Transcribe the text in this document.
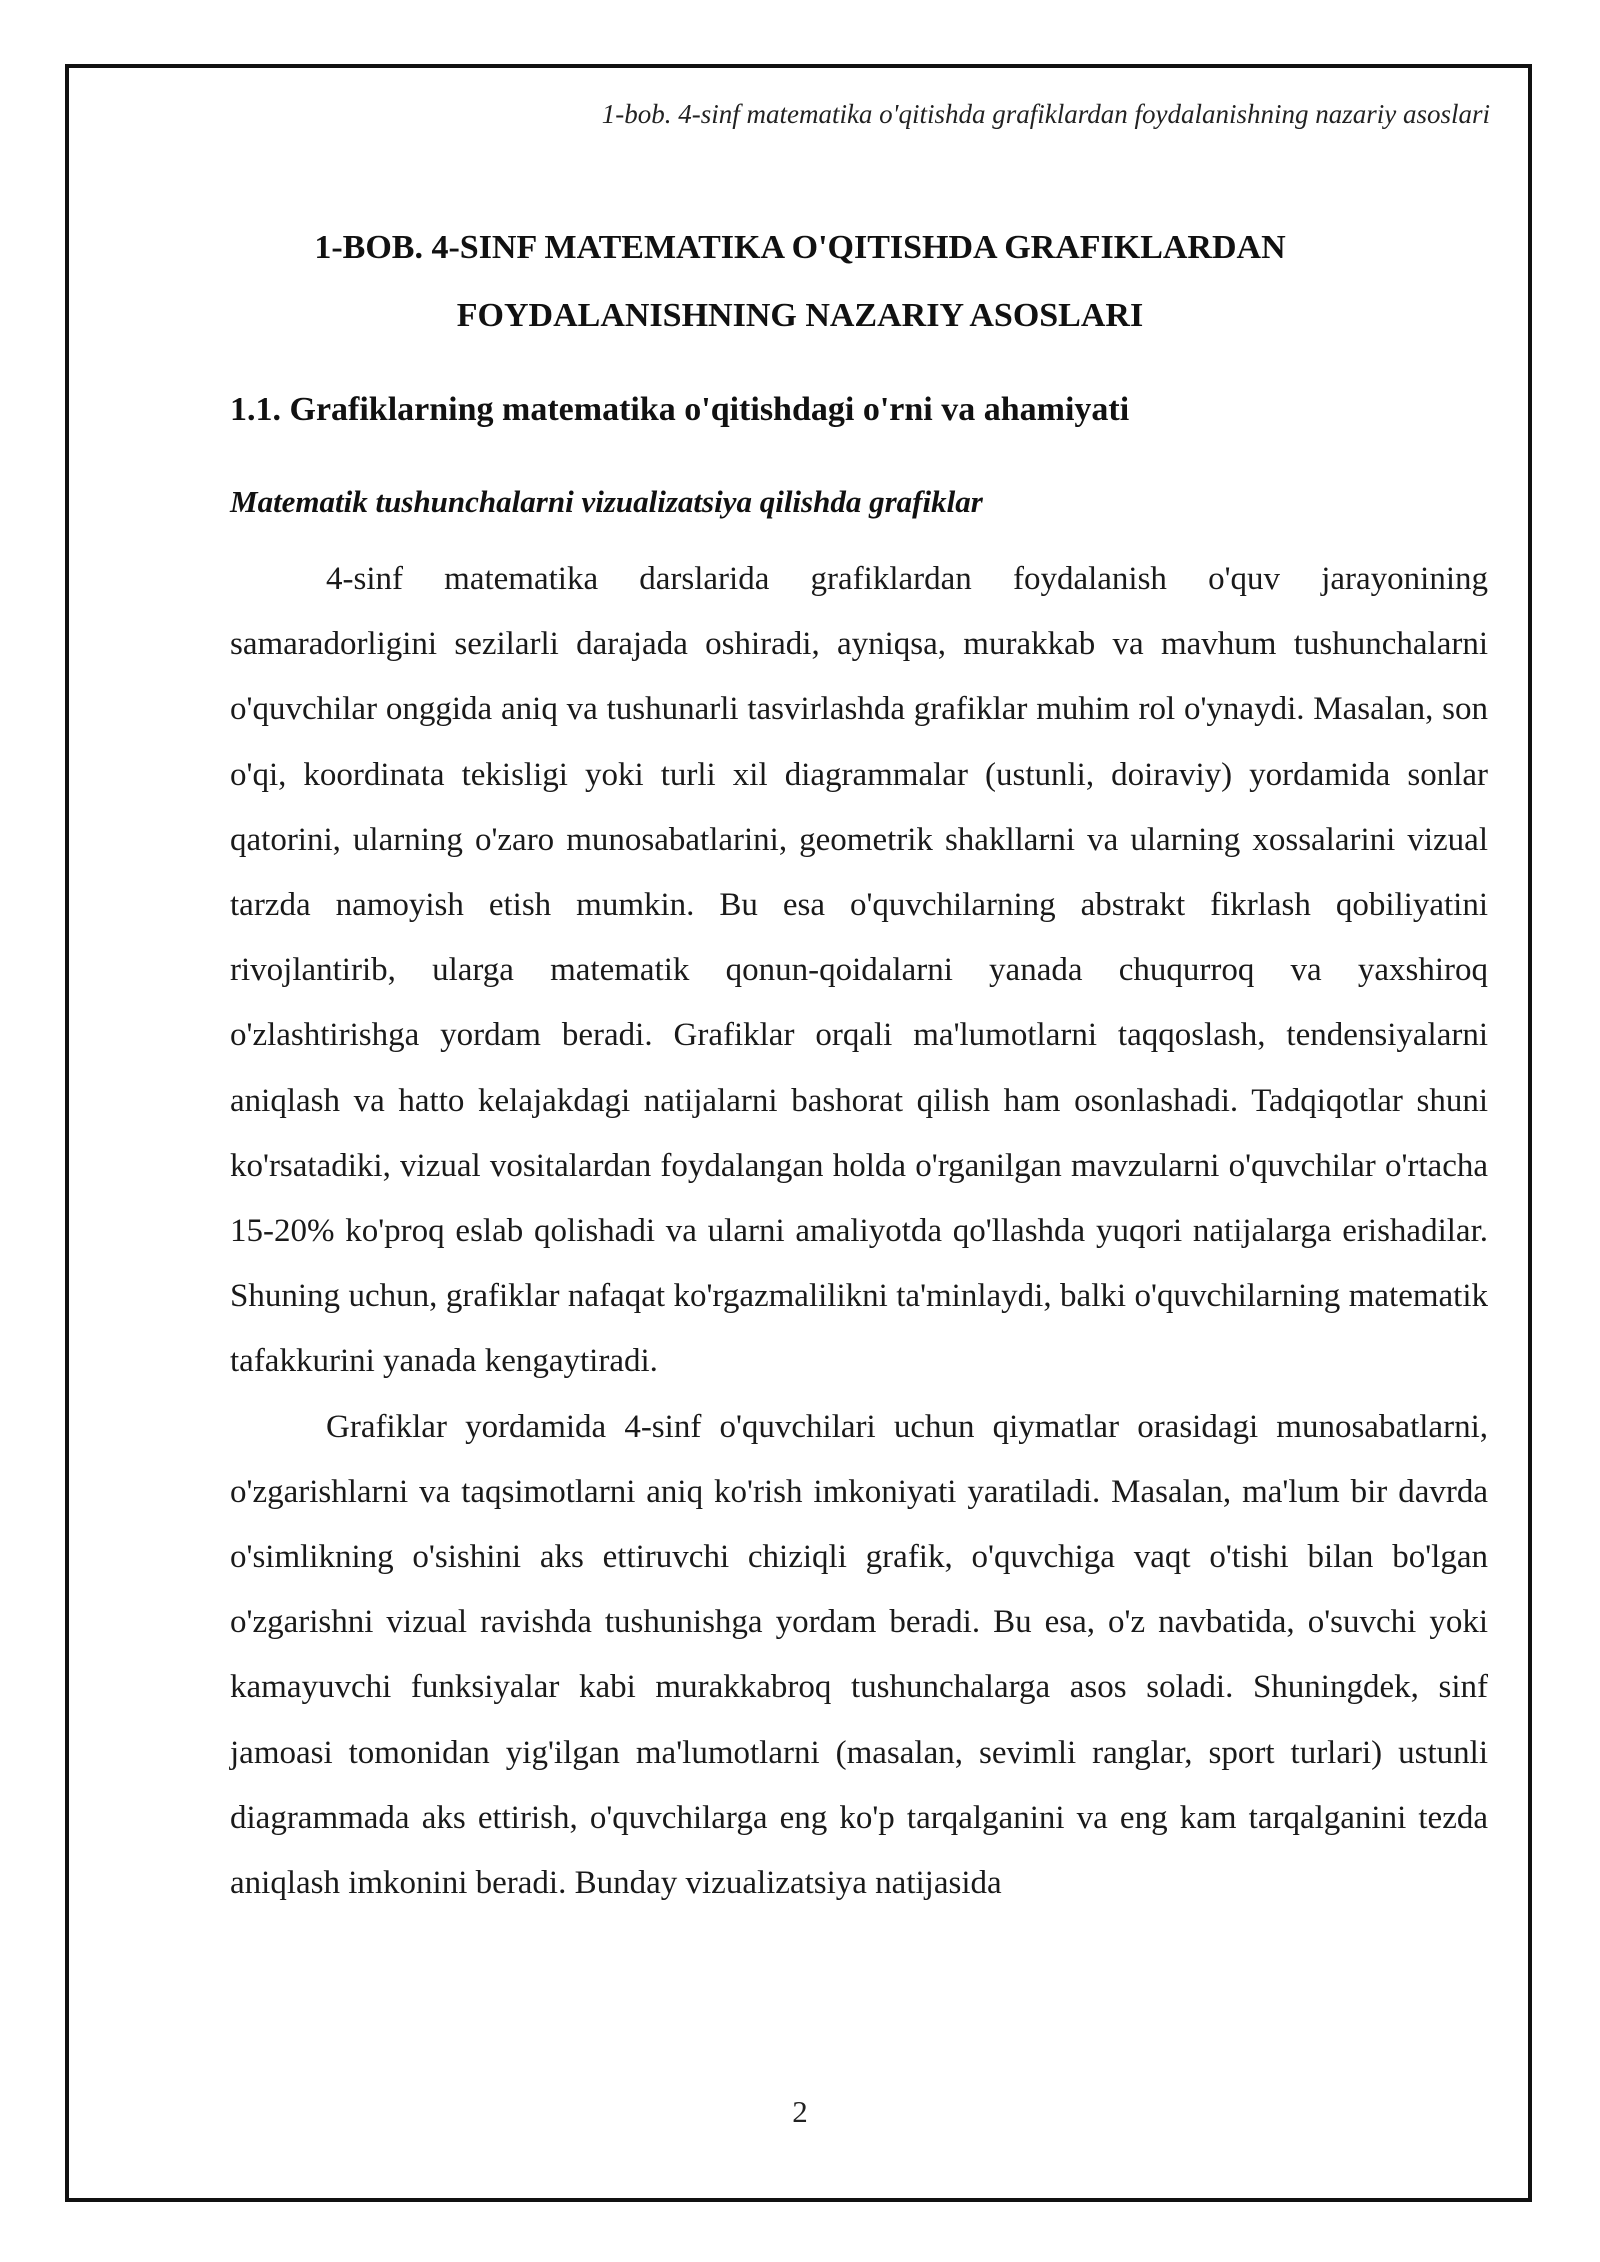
1-bob. 4-sinf matematika o'qitishda grafiklardan foydalanishning nazariy asoslari
1-BOB. 4-SINF MATEMATIKA O'QITISHDA GRAFIKLARDAN FOYDALANISHNING NAZARIY ASOSLARI
1.1. Grafiklarning matematika o'qitishdagi o'rni va ahamiyati
Matematik tushunchalarni vizualizatsiya qilishda grafiklar

4-sinf matematika darslarida grafiklardan foydalanish o'quv jarayonining samaradorligini sezilarli darajada oshiradi, ayniqsa, murakkab va mavhum tushunchalarni o'quvchilar onggida aniq va tushunarli tasvirlashda grafiklar muhim rol o'ynaydi. Masalan, son o'qi, koordinata tekisligi yoki turli xil diagrammalar (ustunli, doiraviy) yordamida sonlar qatorini, ularning o'zaro munosabatlarini, geometrik shakllarni va ularning xossalarini vizual tarzda namoyish etish mumkin. Bu esa o'quvchilarning abstrakt fikrlash qobiliyatini rivojlantirib, ularga matematik qonun-qoidalarni yanada chuqurroq va yaxshiroq o'zlashtirishga yordam beradi. Grafiklar orqali ma'lumotlarni taqqoslash, tendensiyalarni aniqlash va hatto kelajakdagi natijalarni bashorat qilish ham osonlashadi. Tadqiqotlar shuni ko'rsatadiki, vizual vositalardan foydalangan holda o'rganilgan mavzularni o'quvchilar o'rtacha 15-20% ko'proq eslab qolishadi va ularni amaliyotda qo'llashda yuqori natijalarga erishadilar. Shuning uchun, grafiklar nafaqat ko'rgazmalilikni ta'minlaydi, balki o'quvchilarning matematik tafakkurini yanada kengaytiradi.

Grafiklar yordamida 4-sinf o'quvchilari uchun qiymatlar orasidagi munosabatlarni, o'zgarishlarni va taqsimotlarni aniq ko'rish imkoniyati yaratiladi. Masalan, ma'lum bir davrda o'simlikning o'sishini aks ettiruvchi chiziqli grafik, o'quvchiga vaqt o'tishi bilan bo'lgan o'zgarishni vizual ravishda tushunishga yordam beradi. Bu esa, o'z navbatida, o'suvchi yoki kamayuvchi funksiyalar kabi murakkabroq tushunchalarga asos soladi. Shuningdek, sinf jamoasi tomonidan yig'ilgan ma'lumotlarni (masalan, sevimli ranglar, sport turlari) ustunli diagrammada aks ettirish, o'quvchilarga eng ko'p tarqalganini va eng kam tarqalganini tezda aniqlash imkonini beradi. Bunday vizualizatsiya natijasida

2
